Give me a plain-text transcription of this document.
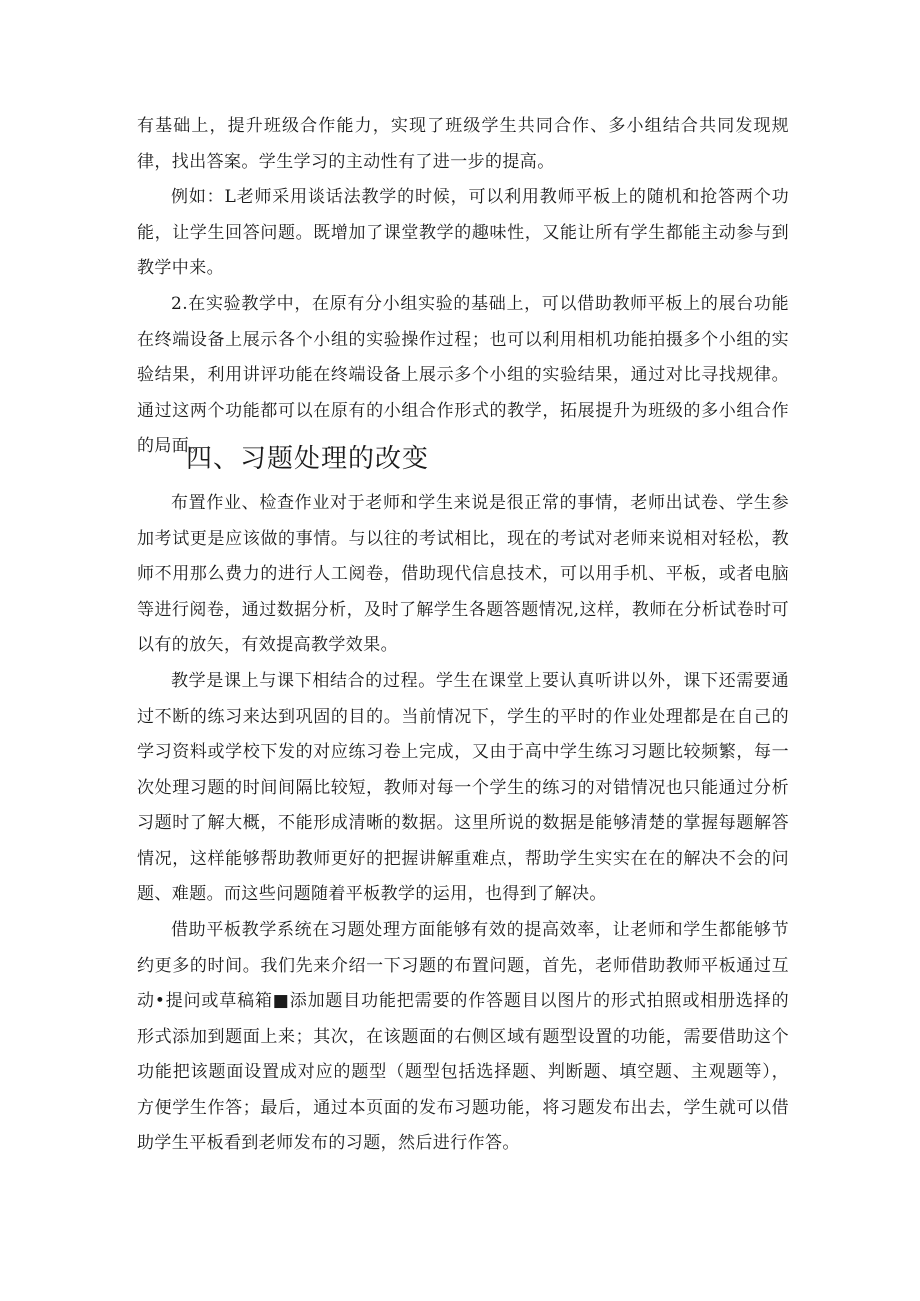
有基础上，提升班级合作能力，实现了班级学生共同合作、多小组结合共同发现规律，找出答案。学生学习的主动性有了进一步的提高。

例如：L老师采用谈话法教学的时候，可以利用教师平板上的随机和抢答两个功能，让学生回答问题。既增加了课堂教学的趣味性，又能让所有学生都能主动参与到教学中来。

2.在实验教学中，在原有分小组实验的基础上，可以借助教师平板上的展台功能在终端设备上展示各个小组的实验操作过程；也可以利用相机功能拍摄多个小组的实验结果，利用讲评功能在终端设备上展示多个小组的实验结果，通过对比寻找规律。通过这两个功能都可以在原有的小组合作形式的教学，拓展提升为班级的多小组合作的局面。

四、习题处理的改变

布置作业、检查作业对于老师和学生来说是很正常的事情，老师出试卷、学生参加考试更是应该做的事情。与以往的考试相比，现在的考试对老师来说相对轻松，教师不用那么费力的进行人工阅卷，借助现代信息技术，可以用手机、平板，或者电脑等进行阅卷，通过数据分析，及时了解学生各题答题情况,这样，教师在分析试卷时可以有的放矢，有效提高教学效果。

教学是课上与课下相结合的过程。学生在课堂上要认真听讲以外，课下还需要通过不断的练习来达到巩固的目的。当前情况下，学生的平时的作业处理都是在自己的学习资料或学校下发的对应练习卷上完成，又由于高中学生练习习题比较频繁，每一次处理习题的时间间隔比较短，教师对每一个学生的练习的对错情况也只能通过分析习题时了解大概，不能形成清晰的数据。这里所说的数据是能够清楚的掌握每题解答情况，这样能够帮助教师更好的把握讲解重难点，帮助学生实实在在的解决不会的问题、难题。而这些问题随着平板教学的运用，也得到了解决。

借助平板教学系统在习题处理方面能够有效的提高效率，让老师和学生都能够节约更多的时间。我们先来介绍一下习题的布置问题，首先，老师借助教师平板通过互动•提问或草稿箱■添加题目功能把需要的作答题目以图片的形式拍照或相册选择的形式添加到题面上来；其次，在该题面的右侧区域有题型设置的功能，需要借助这个功能把该题面设置成对应的题型（题型包括选择题、判断题、填空题、主观题等），方便学生作答；最后，通过本页面的发布习题功能，将习题发布出去，学生就可以借助学生平板看到老师发布的习题，然后进行作答。
